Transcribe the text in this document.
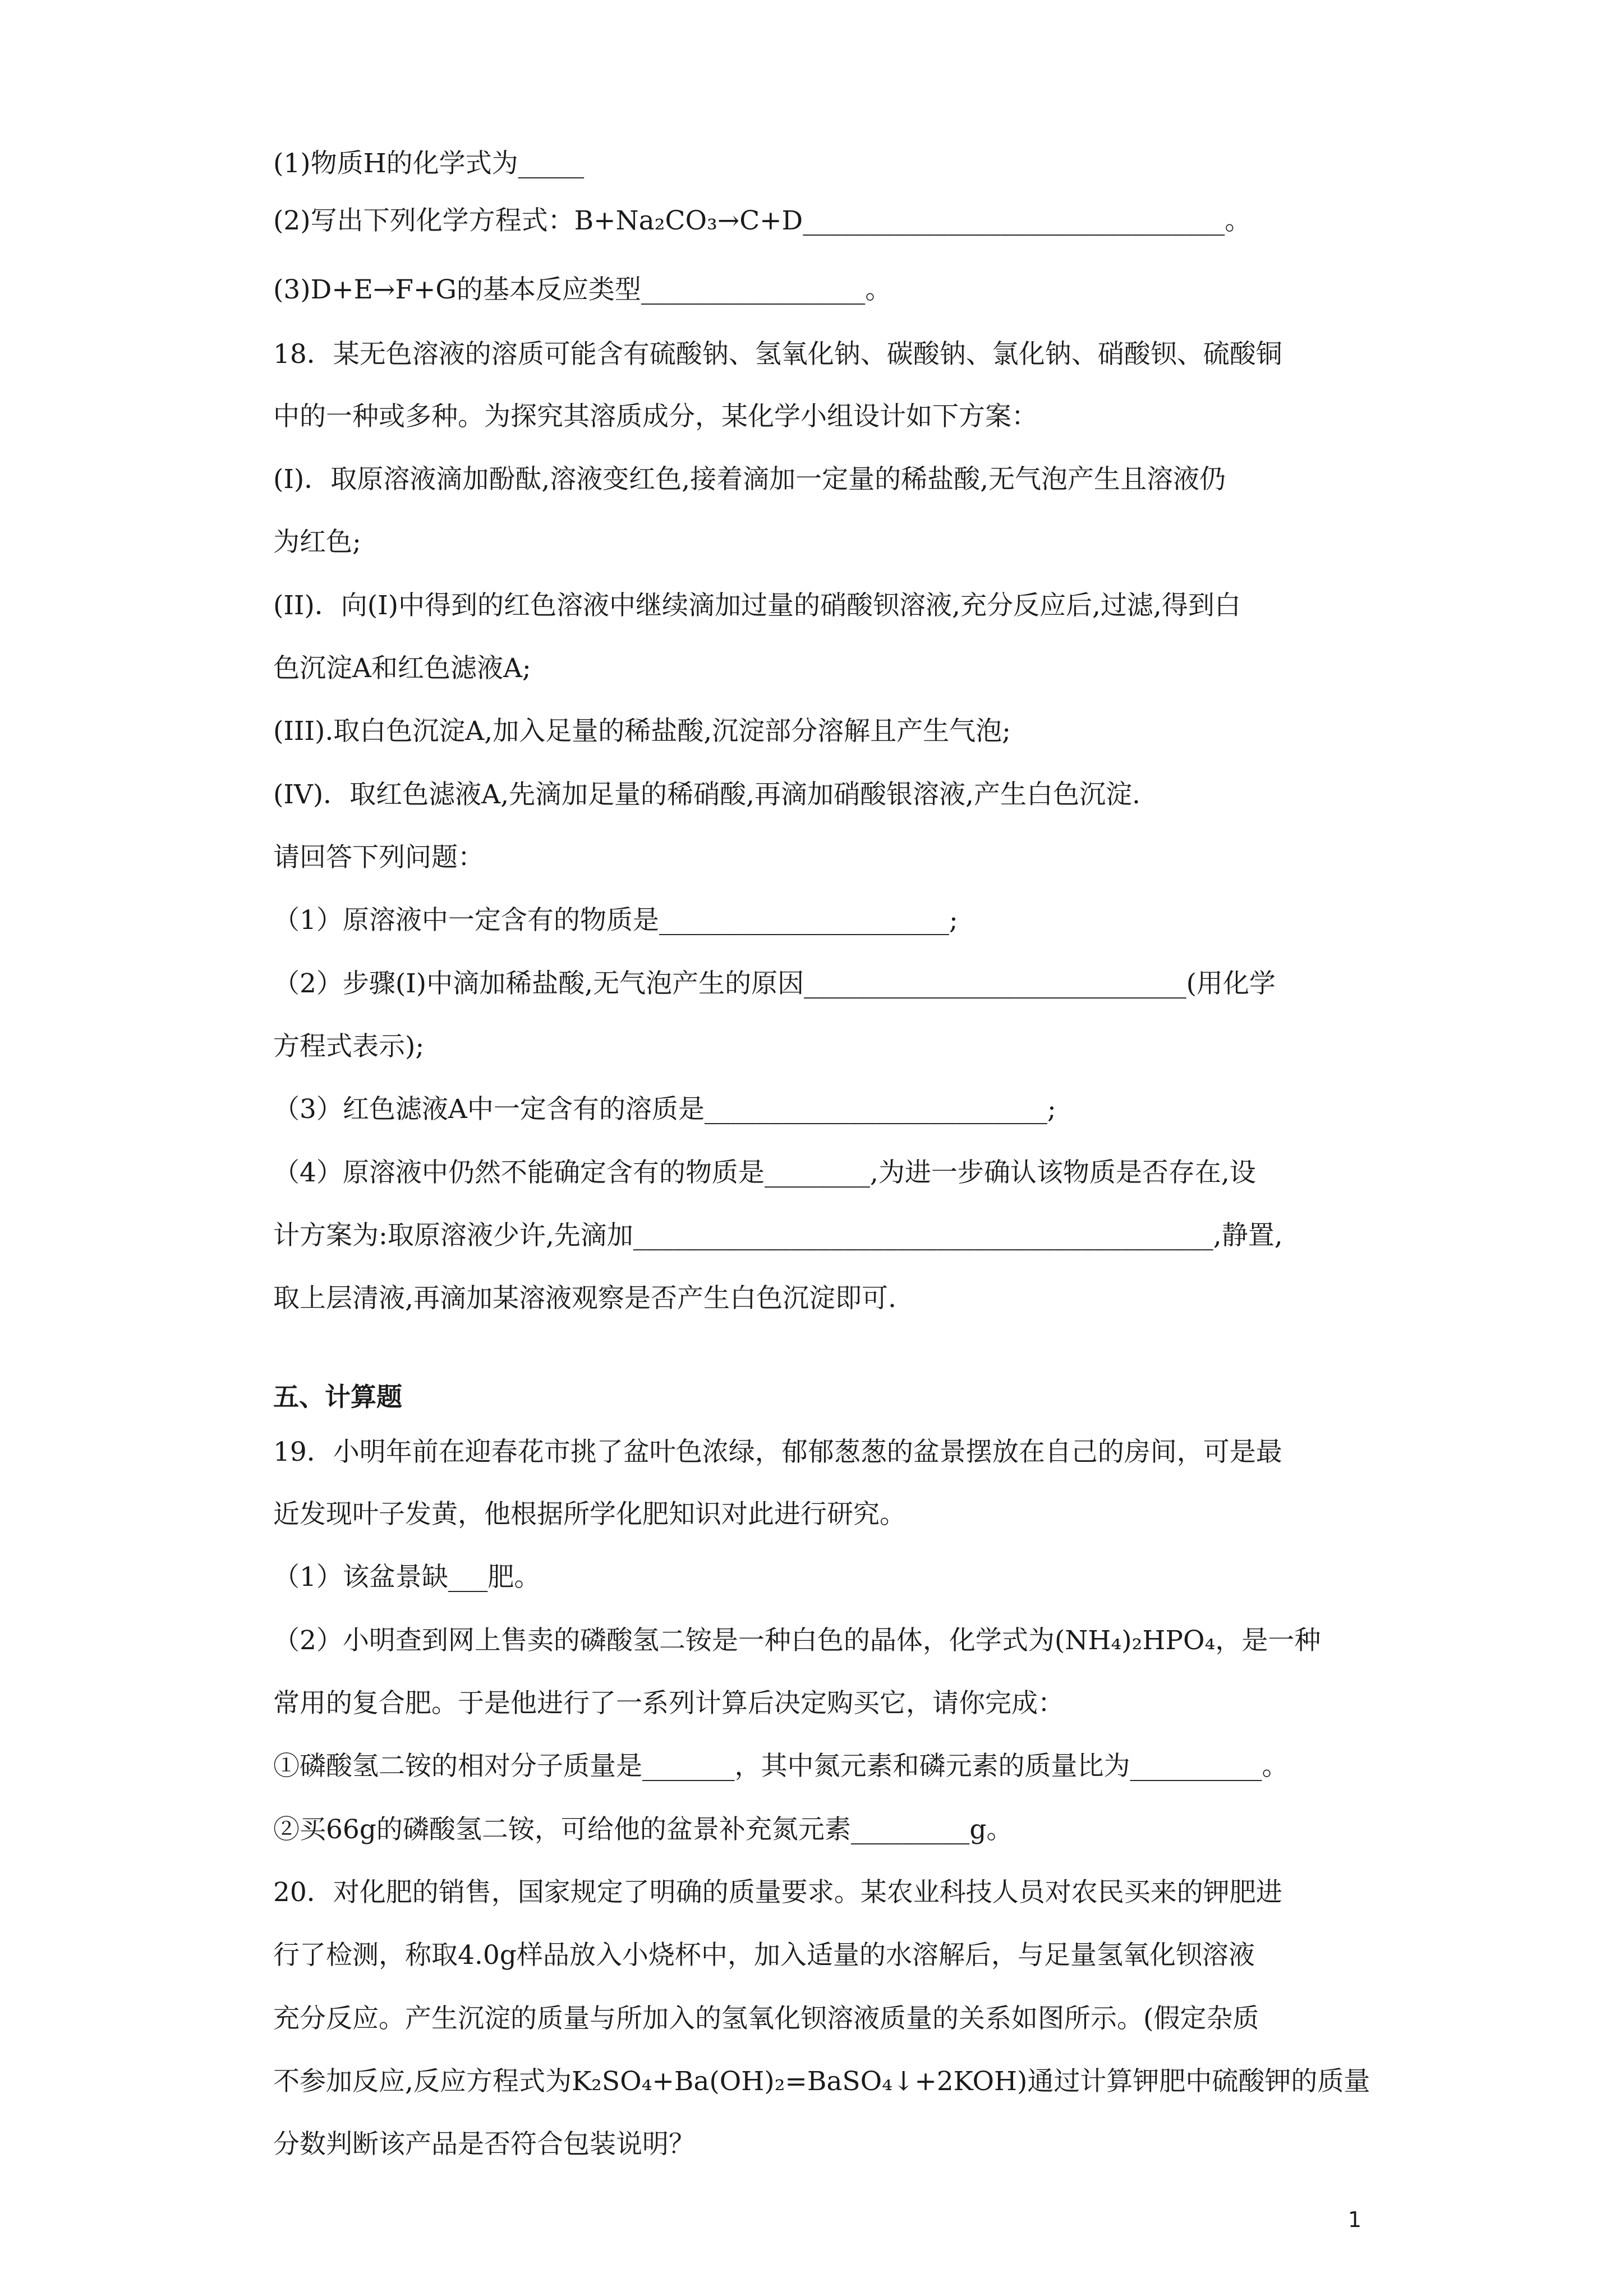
(1)物质H的化学式为_____
(2)写出下列化学方程式：B+Na₂CO₃→C+D________________________________。
(3)D+E→F+G的基本反应类型_________________。
18．某无色溶液的溶质可能含有硫酸钠、氢氧化钠、碳酸钠、氯化钠、硝酸钡、硫酸铜
中的一种或多种。为探究其溶质成分，某化学小组设计如下方案：
(I)．取原溶液滴加酚酞,溶液变红色,接着滴加一定量的稀盐酸,无气泡产生且溶液仍
为红色;
(II)．向(I)中得到的红色溶液中继续滴加过量的硝酸钡溶液,充分反应后,过滤,得到白
色沉淀A和红色滤液A;
(III).取白色沉淀A,加入足量的稀盐酸,沉淀部分溶解且产生气泡;
(IV)．取红色滤液A,先滴加足量的稀硝酸,再滴加硝酸银溶液,产生白色沉淀.
请回答下列问题：
（1）原溶液中一定含有的物质是______________________;
（2）步骤(I)中滴加稀盐酸,无气泡产生的原因_____________________________(用化学
方程式表示);
（3）红色滤液A中一定含有的溶质是__________________________;
（4）原溶液中仍然不能确定含有的物质是________,为进一步确认该物质是否存在,设
计方案为:取原溶液少许,先滴加____________________________________________,静置,
取上层清液,再滴加某溶液观察是否产生白色沉淀即可.
五、计算题
19．小明年前在迎春花市挑了盆叶色浓绿，郁郁葱葱的盆景摆放在自己的房间，可是最
近发现叶子发黄，他根据所学化肥知识对此进行研究。
（1）该盆景缺___肥。
（2）小明查到网上售卖的磷酸氢二铵是一种白色的晶体，化学式为(NH₄)₂HPO₄，是一种
常用的复合肥。于是他进行了一系列计算后决定购买它，请你完成：
①磷酸氢二铵的相对分子质量是_______，其中氮元素和磷元素的质量比为__________。
②买66g的磷酸氢二铵，可给他的盆景补充氮元素_________g。
20．对化肥的销售，国家规定了明确的质量要求。某农业科技人员对农民买来的钾肥进
行了检测，称取4.0g样品放入小烧杯中，加入适量的水溶解后，与足量氢氧化钡溶液
充分反应。产生沉淀的质量与所加入的氢氧化钡溶液质量的关系如图所示。(假定杂质
不参加反应,反应方程式为K₂SO₄+Ba(OH)₂=BaSO₄↓+2KOH)通过计算钾肥中硫酸钾的质量
分数判断该产品是否符合包装说明？
1
